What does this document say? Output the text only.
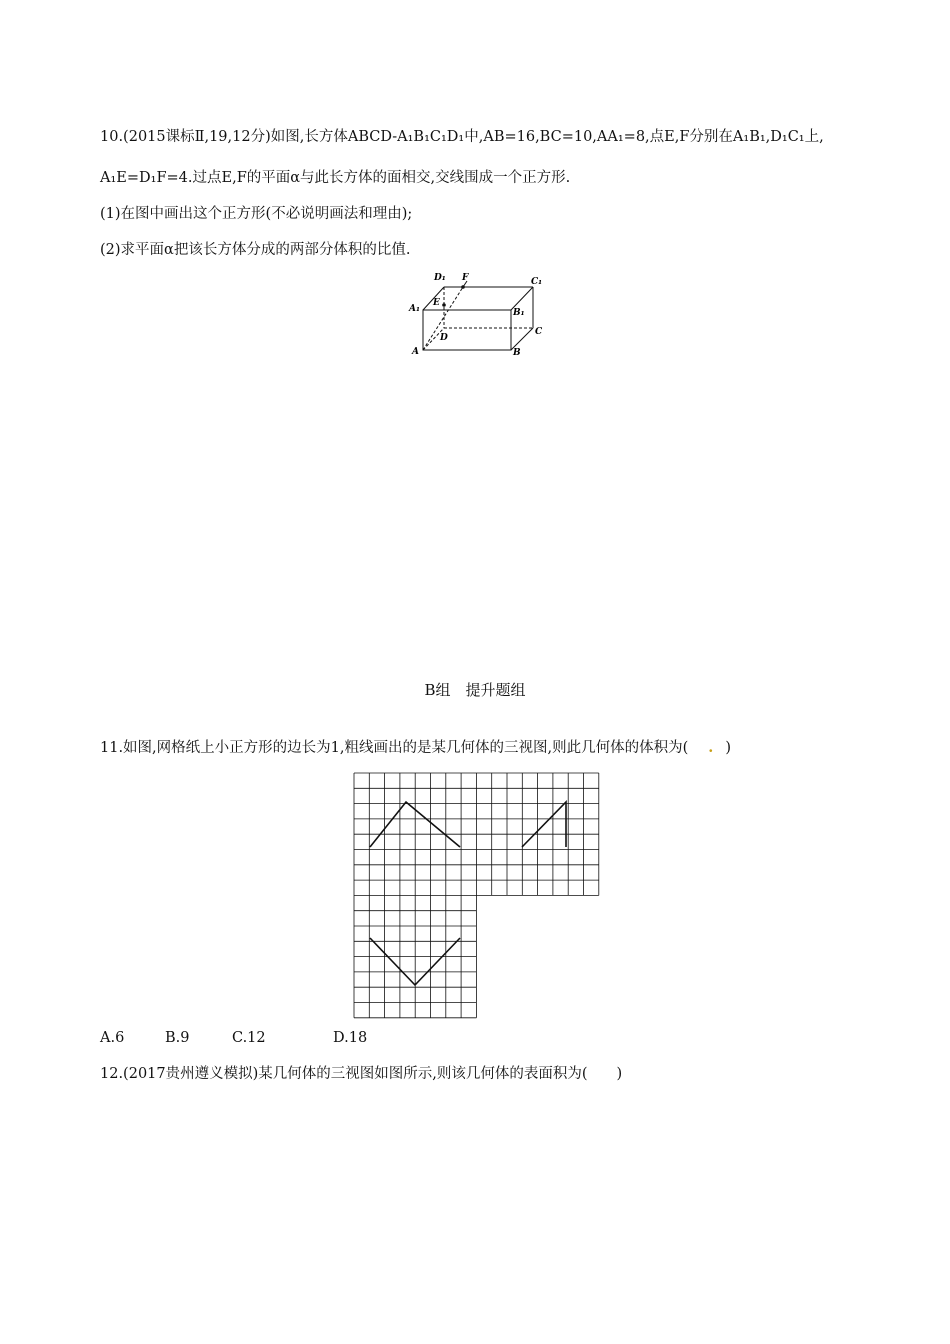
10.(2015课标Ⅱ,19,12分)如图,长方体ABCD-A₁B₁C₁D₁中,AB=16,BC=10,AA₁=8,点E,F分别在A₁B₁,D₁C₁上,
A₁E=D₁F=4.过点E,F的平面α与此长方体的面相交,交线围成一个正方形.
(1)在图中画出这个正方形(不必说明画法和理由);
(2)求平面α把该长方体分成的两部分体积的比值.
D₁ F	C₁
A₁
E
B₁
D
C
A	B
B组　提升题组
11.如图,网格纸上小正方形的边长为1,粗线画出的是某几何体的三视图,则此几何体的体积为( . )
A.6	B.9	C.12	D.18
12.(2017贵州遵义模拟)某几何体的三视图如图所示,则该几何体的表面积为(　　)
